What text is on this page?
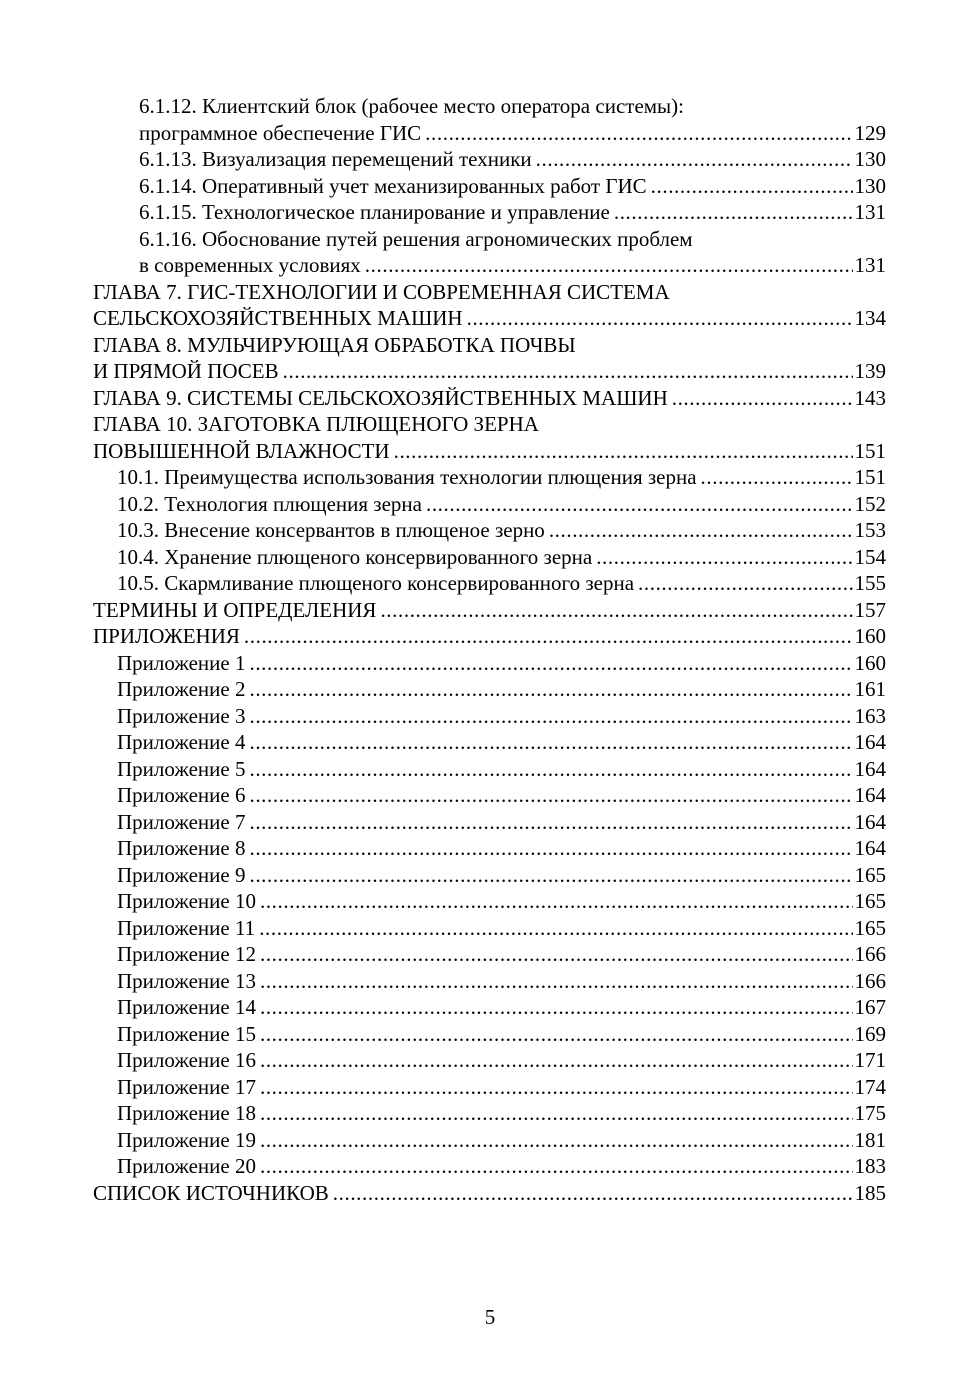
6.1.12. Клиентский блок (рабочее место оператора системы):
программное обеспечение ГИС .....	129
6.1.13. Визуализация перемещений техники .....	130
6.1.14. Оперативный учет механизированных работ ГИС .....	130
6.1.15. Технологическое планирование и управление .....	131
6.1.16. Обоснование путей решения агрономических проблем
в современных условиях .....	131
ГЛАВА 7. ГИС-ТЕХНОЛОГИИ И СОВРЕМЕННАЯ СИСТЕМА
СЕЛЬСКОХОЗЯЙСТВЕННЫХ МАШИН .....	134
ГЛАВА 8. МУЛЬЧИРУЮЩАЯ ОБРАБОТКА ПОЧВЫ
И ПРЯМОЙ ПОСЕВ .....	139
ГЛАВА 9. СИСТЕМЫ СЕЛЬСКОХОЗЯЙСТВЕННЫХ МАШИН .....	143
ГЛАВА 10. ЗАГОТОВКА ПЛЮЩЕНОГО ЗЕРНА
ПОВЫШЕННОЙ ВЛАЖНОСТИ .....	151
10.1. Преимущества использования технологии плющения зерна .....	151
10.2. Технология плющения зерна .....	152
10.3. Внесение консервантов в плющеное зерно .....	153
10.4. Хранение плющеного консервированного зерна .....	154
10.5. Скармливание плющеного консервированного зерна .....	155
ТЕРМИНЫ И ОПРЕДЕЛЕНИЯ .....	157
ПРИЛОЖЕНИЯ .....	160
Приложение 1 .....	160
Приложение 2 .....	161
Приложение 3 .....	163
Приложение 4 .....	164
Приложение 5 .....	164
Приложение 6 .....	164
Приложение 7 .....	164
Приложение 8 .....	164
Приложение 9 .....	165
Приложение 10 .....	165
Приложение 11 .....	165
Приложение 12 .....	166
Приложение 13 .....	166
Приложение 14 .....	167
Приложение 15 .....	169
Приложение 16 .....	171
Приложение 17 .....	174
Приложение 18 .....	175
Приложение 19 .....	181
Приложение 20 .....	183
СПИСОК ИСТОЧНИКОВ .....	185
5
